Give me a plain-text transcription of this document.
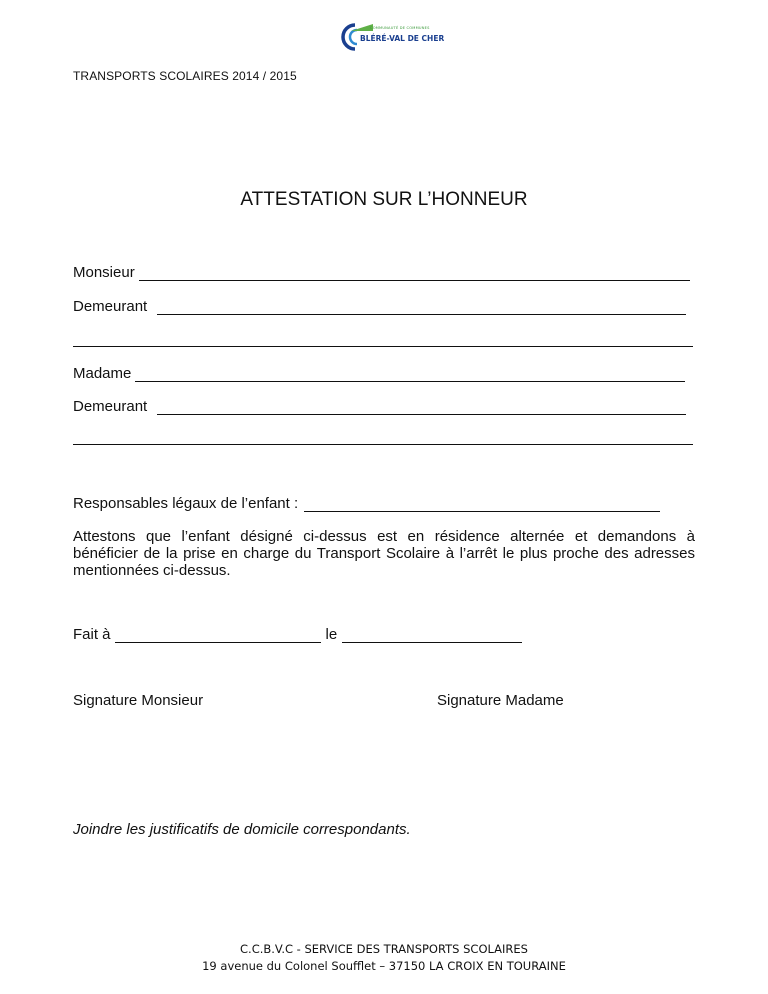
COMMUNAUTÉ DE COMMUNES
BLÉRÉ-VAL DE CHER
TRANSPORTS SCOLAIRES 2014 / 2015
ATTESTATION SUR L’HONNEUR
Monsieur
Demeurant
Madame
Demeurant
Responsables légaux de l’enfant :
Attestons que l’enfant désigné ci-dessus est en résidence alternée et demandons à bénéficier de la prise en charge du Transport Scolaire à l’arrêt le plus proche des adresses mentionnées ci-dessus.
Fait à	le
Signature Monsieur	Signature Madame
Joindre les justificatifs de domicile correspondants.
C.C.B.V.C - SERVICE DES TRANSPORTS SCOLAIRES
19 avenue du Colonel Soufflet – 37150 LA CROIX EN TOURAINE
